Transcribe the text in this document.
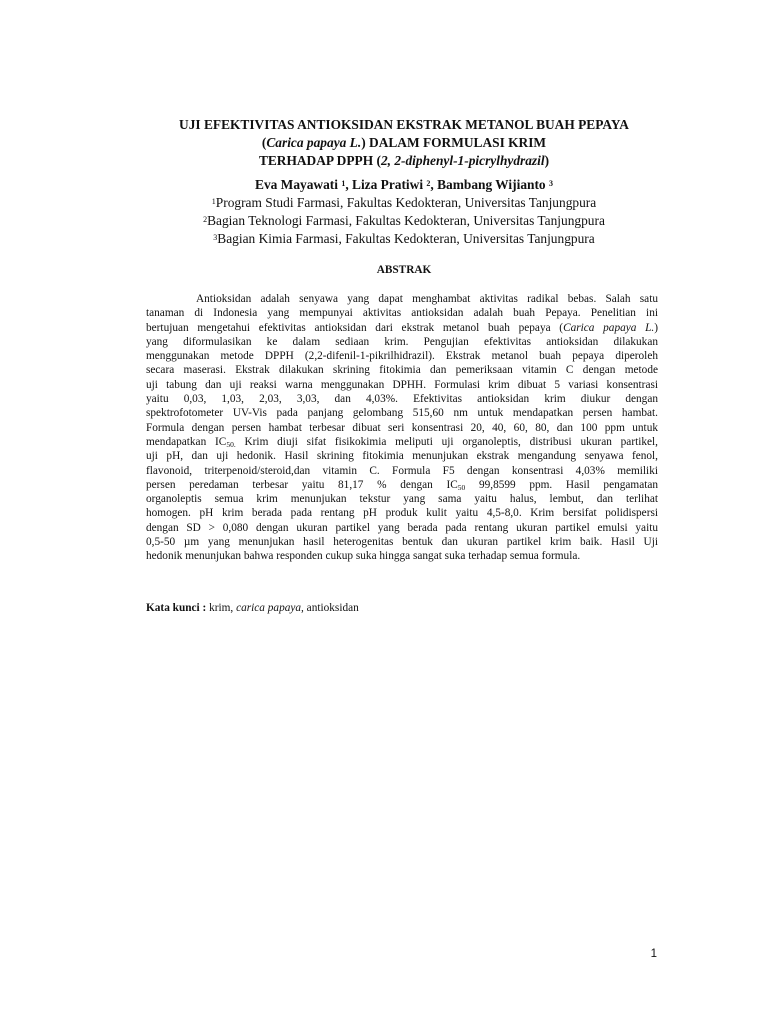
UJI EFEKTIVITAS ANTIOKSIDAN EKSTRAK METANOL BUAH PEPAYA
(Carica papaya L.) DALAM FORMULASI KRIM
TERHADAP DPPH (2, 2-diphenyl-1-picrylhydrazil)
Eva Mayawati $^1$, Liza Pratiwi $^2$, Bambang Wijianto $^3$
$^1$Program Studi Farmasi, Fakultas Kedokteran, Universitas Tanjungpura
$^2$Bagian Teknologi Farmasi, Fakultas Kedokteran, Universitas Tanjungpura
$^3$Bagian Kimia Farmasi, Fakultas Kedokteran, Universitas Tanjungpura
ABSTRAK
Antioksidan adalah senyawa yang dapat menghambat aktivitas radikal bebas. Salah satu
tanaman di Indonesia yang mempunyai aktivitas antioksidan adalah buah Pepaya. Penelitian ini
bertujuan mengetahui efektivitas antioksidan dari ekstrak metanol buah pepaya (Carica papaya L.)
yang diformulasikan ke dalam sediaan krim. Pengujian efektivitas antioksidan dilakukan
menggunakan metode DPPH (2,2-difenil-1-pikrilhidrazil). Ekstrak metanol buah pepaya diperoleh
secara maserasi. Ekstrak dilakukan skrining fitokimia dan pemeriksaan vitamin C dengan metode
uji tabung dan uji reaksi warna menggunakan DPHH. Formulasi krim dibuat 5 variasi konsentrasi
yaitu 0,03, 1,03, 2,03, 3,03, dan 4,03%. Efektivitas antioksidan krim diukur dengan
spektrofotometer UV-Vis pada panjang gelombang 515,60 nm untuk mendapatkan persen hambat.
Formula dengan persen hambat terbesar dibuat seri konsentrasi 20, 40, 60, 80, dan 100 ppm untuk
mendapatkan $IC_{50.}$ Krim diuji sifat fisikokimia meliputi uji organoleptis, distribusi ukuran partikel,
uji pH, dan uji hedonik. Hasil skrining fitokimia menunjukan ekstrak mengandung senyawa fenol,
flavonoid, triterpenoid/steroid,dan vitamin C. Formula F5 dengan konsentrasi 4,03% memiliki
persen peredaman terbesar yaitu 81,17 % dengan $IC_{50}$ 99,8599 ppm. Hasil pengamatan
organoleptis semua krim menunjukan tekstur yang sama yaitu halus, lembut, dan terlihat
homogen. pH krim berada pada rentang pH produk kulit yaitu 4,5-8,0. Krim bersifat polidispersi
dengan SD > 0,080 dengan ukuran partikel yang berada pada rentang ukuran partikel emulsi yaitu
0,5-50 µm yang menunjukan hasil heterogenitas bentuk dan ukuran partikel krim baik. Hasil Uji
hedonik menunjukan bahwa responden cukup suka hingga sangat suka terhadap semua formula.
Kata kunci : krim, carica papaya, antioksidan
1
